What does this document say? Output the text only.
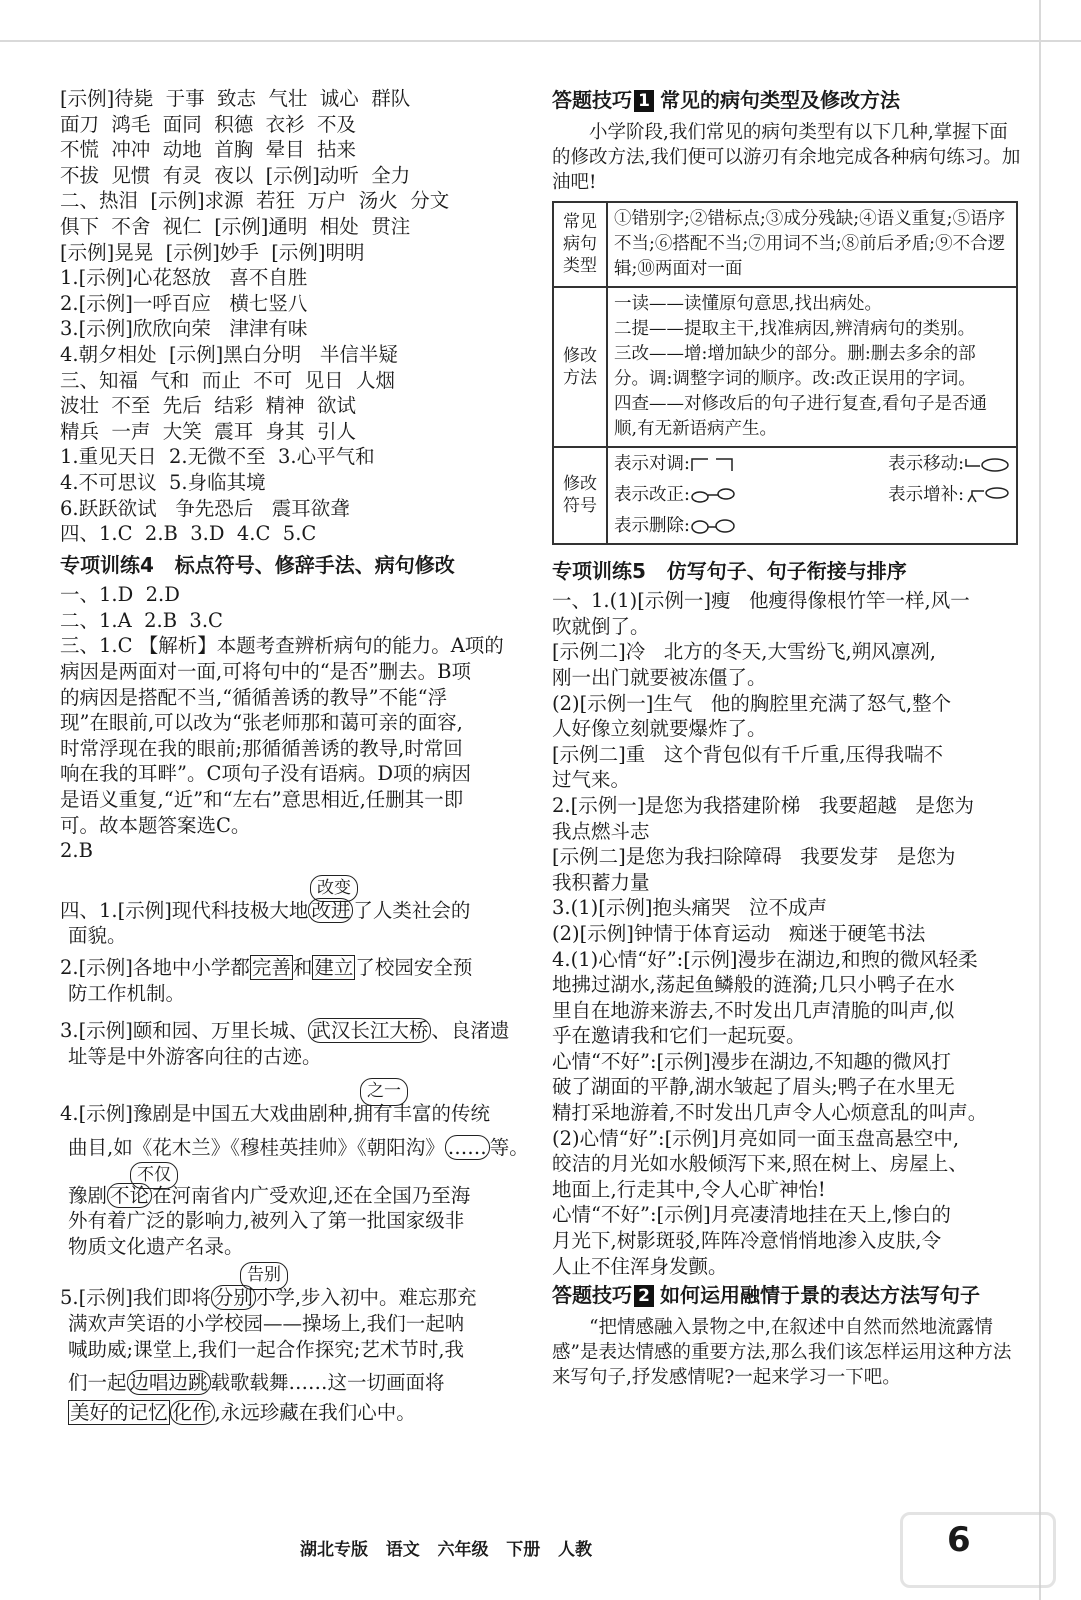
[示例]待毙  于事  致志  气壮  诚心  群队
面刀  鸿毛  面同  积德  衣衫  不及
不慌  冲冲  动地  首胸  晕目  拈来
不拔  见惯  有灵  夜以  [示例]动听  全力
二、热泪  [示例]求源  若狂  万户  汤火  分文
俱下  不舍  视仁  [示例]通明  相处  贯注
[示例]晃晃  [示例]妙手  [示例]明明
1.[示例]心花怒放   喜不自胜
2.[示例]一呼百应   横七竖八
3.[示例]欣欣向荣   津津有味
4.朝夕相处  [示例]黑白分明   半信半疑
三、知福  气和  而止  不可  见日  人烟
波壮  不至  先后  结彩  精神  欲试
精兵  一声  大笑  震耳  身其  引人
1.重见天日  2.无微不至  3.心平气和
4.不可思议  5.身临其境
6.跃跃欲试   争先恐后   震耳欲聋
四、1.C  2.B  3.D  4.C  5.C
专项训练4   标点符号、修辞手法、病句修改
一、1.D  2.D
二、1.A  2.B  3.C
三、1.C 【解析】本题考查辨析病句的能力。A项的
病因是两面对一面,可将句中的“是否”删去。B项
的病因是搭配不当,“循循善诱的教导”不能“浮
现”在眼前,可以改为“张老师那和蔼可亲的面容,
时常浮现在我的眼前;那循循善诱的教导,时常回
响在我的耳畔”。C项句子没有语病。D项的病因
是语义重复,“近”和“左右”意思相近,任删其一即
可。故本题答案选C。
2.B
改变
四、1.[示例]现代科技极大地 改进 了人类社会的
面貌。
2.[示例]各地中小学都 完善 和 建立 了校园安全预
防工作机制。
3.[示例]颐和园、万里长城、 武汉长江大桥 、良渚遗
址等是中外游客向往的古迹。
之一
4.[示例]豫剧是中国五大戏曲剧种,拥有丰富的传统
曲目,如《花木兰》《穆桂英挂帅》《朝阳沟》 …… 等。
不仅
豫剧 不论 在河南省内广受欢迎,还在全国乃至海
外有着广泛的影响力,被列入了第一批国家级非
物质文化遗产名录。
告别
5.[示例]我们即将 分别 小学,步入初中。难忘那充
满欢声笑语的小学校园——操场上,我们一起呐
喊助威;课堂上,我们一起合作探究;艺术节时,我
们一起 边唱边跳 载歌载舞……这一切画面将
美好的记忆 化作 ,永远珍藏在我们心中。
答题技巧 1 常见的病句类型及修改方法
小学阶段,我们常见的病句类型有以下几种,掌握下面的修改方法,我们便可以游刃有余地完成各种病句练习。加油吧!
常见病句类型	①错别字;②错标点;③成分残缺;④语义重复;⑤语序不当;⑥搭配不当;⑦用词不当;⑧前后矛盾;⑨不合逻辑;⑩两面对一面
修改方法	一读——读懂原句意思,找出病处。
二提——提取主干,找准病因,辨清病句的类别。
三改——增:增加缺少的部分。删:删去多余的部分。调:调整字词的顺序。改:改正误用的字词。
四查——对修改后的句子进行复查,看句子是否通顺,有无新语病产生。

修改符号	表示对调: 表示移动:
表示改正: 表示增补:
表示删除:
专项训练5   仿写句子、句子衔接与排序
一、1.(1)[示例一]瘦   他瘦得像根竹竿一样,风一
吹就倒了。
[示例二]冷   北方的冬天,大雪纷飞,朔风凛冽,
刚一出门就要被冻僵了。
(2)[示例一]生气   他的胸腔里充满了怒气,整个
人好像立刻就要爆炸了。
[示例二]重   这个背包似有千斤重,压得我喘不
过气来。
2.[示例一]是您为我搭建阶梯   我要超越   是您为
我点燃斗志
[示例二]是您为我扫除障碍   我要发芽   是您为
我积蓄力量
3.(1)[示例]抱头痛哭   泣不成声
(2)[示例]钟情于体育运动   痴迷于硬笔书法
4.(1)心情“好”:[示例]漫步在湖边,和煦的微风轻柔
地拂过湖水,荡起鱼鳞般的涟漪;几只小鸭子在水
里自在地游来游去,不时发出几声清脆的叫声,似
乎在邀请我和它们一起玩耍。
心情“不好”:[示例]漫步在湖边,不知趣的微风打
破了湖面的平静,湖水皱起了眉头;鸭子在水里无
精打采地游着,不时发出几声令人心烦意乱的叫声。
(2)心情“好”:[示例]月亮如同一面玉盘高悬空中,
皎洁的月光如水般倾泻下来,照在树上、房屋上、
地面上,行走其中,令人心旷神怡!
心情“不好”:[示例]月亮凄清地挂在天上,惨白的
月光下,树影斑驳,阵阵冷意悄悄地渗入皮肤,令
人止不住浑身发颤。
答题技巧 2 如何运用融情于景的表达方法写句子
“把情感融入景物之中,在叙述中自然而然地流露情感”是表达情感的重要方法,那么我们该怎样运用这种方法来写句子,抒发感情呢?一起来学习一下吧。
湖北专版   语文   六年级   下册   人教	6
